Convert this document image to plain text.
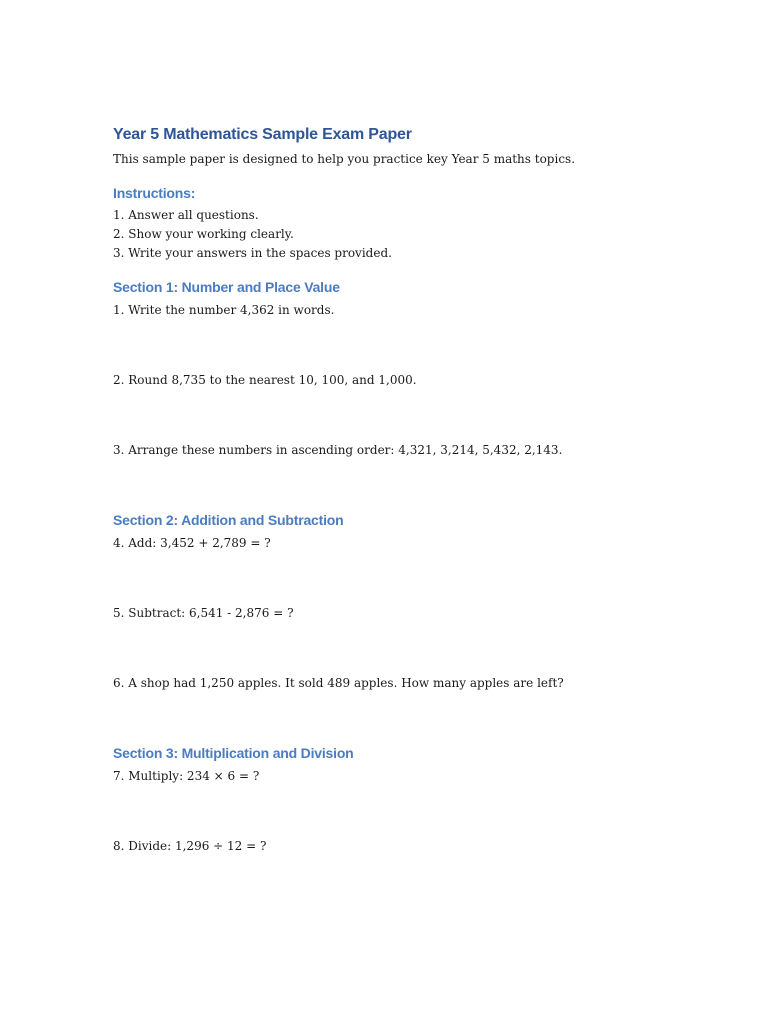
Year 5 Mathematics Sample Exam Paper

This sample paper is designed to help you practice key Year 5 maths topics.

Instructions:
1. Answer all questions.
2. Show your working clearly.
3. Write your answers in the spaces provided.
Section 1: Number and Place Value

1. Write the number 4,362 in words.

2. Round 8,735 to the nearest 10, 100, and 1,000.

3. Arrange these numbers in ascending order: 4,321, 3,214, 5,432, 2,143.

Section 2: Addition and Subtraction

4. Add: 3,452 + 2,789 = ?

5. Subtract: 6,541 - 2,876 = ?

6. A shop had 1,250 apples. It sold 489 apples. How many apples are left?

Section 3: Multiplication and Division

7. Multiply: 234 × 6 = ?

8. Divide: 1,296 ÷ 12 = ?
